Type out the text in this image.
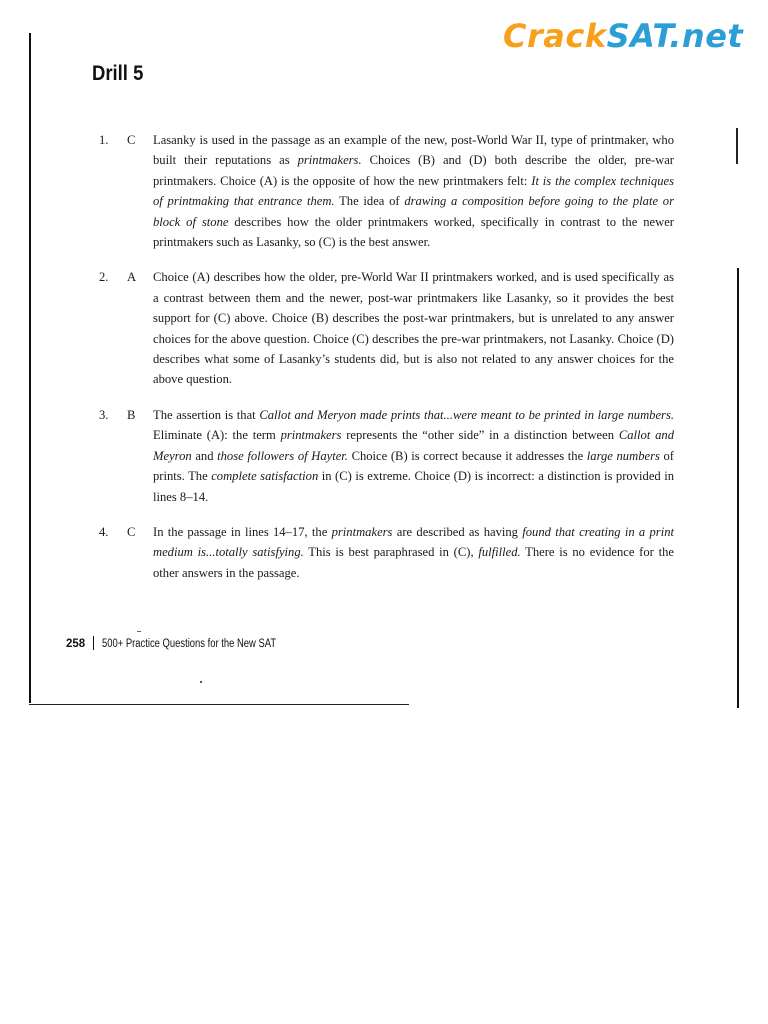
CrackSAT.net
Drill 5
1. C Lasanky is used in the passage as an example of the new, post-World War II, type of printmaker, who built their reputations as printmakers. Choices (B) and (D) both describe the older, pre-war printmakers. Choice (A) is the opposite of how the new printmakers felt: It is the complex techniques of printmaking that entrance them. The idea of drawing a composition before going to the plate or block of stone describes how the older printmakers worked, specifically in contrast to the newer printmakers such as Lasanky, so (C) is the best answer.
2. A Choice (A) describes how the older, pre-World War II printmakers worked, and is used specifically as a contrast between them and the newer, post-war printmakers like Lasanky, so it provides the best support for (C) above. Choice (B) describes the post-war printmakers, but is unrelated to any answer choices for the above question. Choice (C) describes the pre-war printmakers, not Lasanky. Choice (D) describes what some of Lasanky’s students did, but is also not related to any answer choices for the above question.
3. B The assertion is that Callot and Meryon made prints that...were meant to be printed in large numbers. Eliminate (A): the term printmakers represents the “other side” in a distinction between Callot and Meyron and those followers of Hayter. Choice (B) is correct because it addresses the large numbers of prints. The complete satisfaction in (C) is extreme. Choice (D) is incorrect: a distinction is provided in lines 8–14.
4. C In the passage in lines 14–17, the printmakers are described as having found that creating in a print medium is...totally satisfying. This is best paraphrased in (C), fulfilled. There is no evidence for the other answers in the passage.
258 500+ Practice Questions for the New SAT
